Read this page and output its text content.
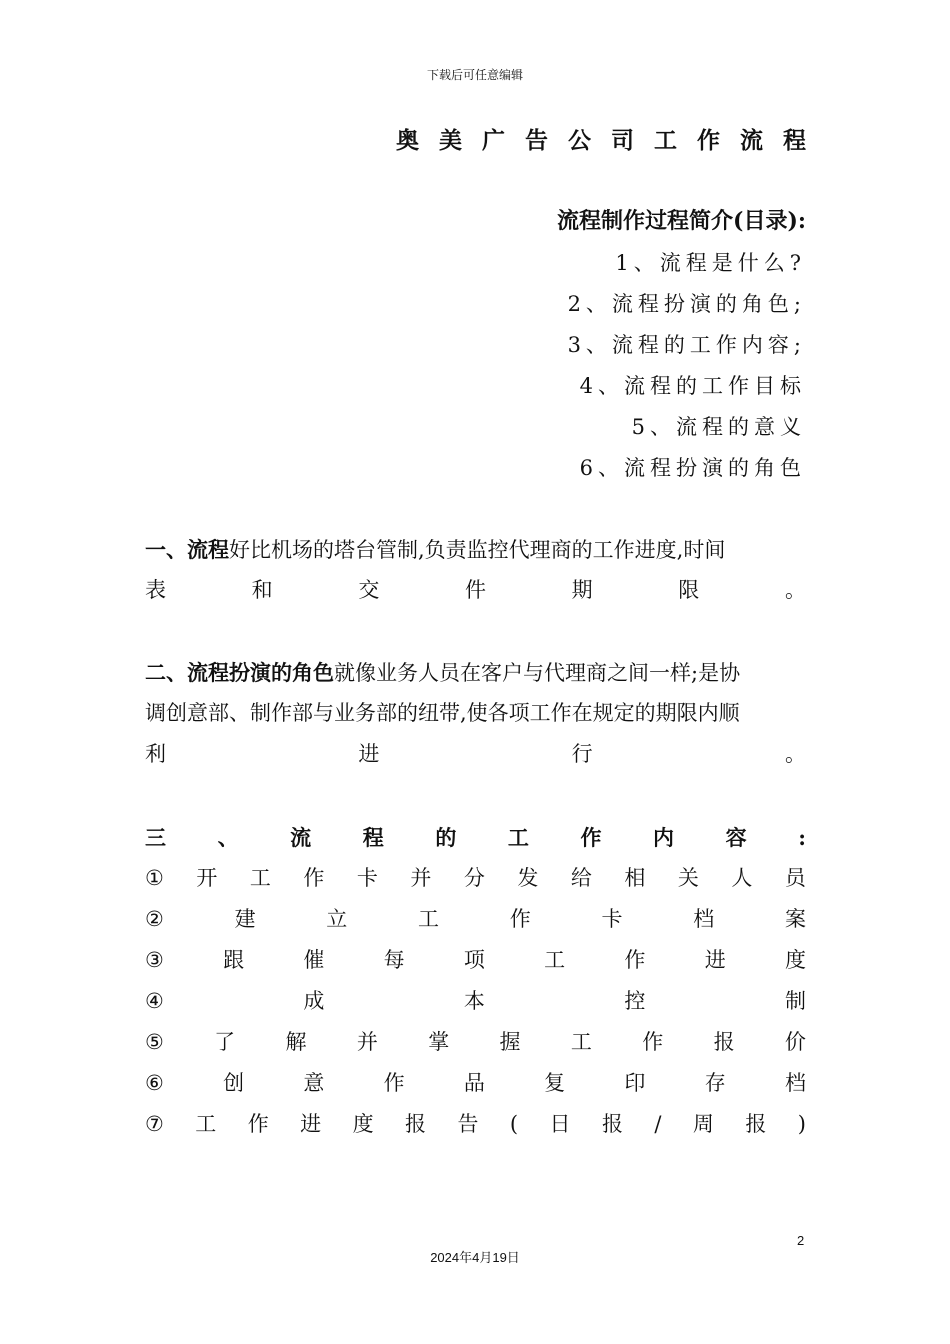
下载后可任意编辑
奥 美 广 告 公 司 工 作 流 程
流程制作过程简介(目录):
1、流程是什么?
2、流程扮演的角色;
3、流程的工作内容;
4、流程的工作目标
5、流程的意义
6、流程扮演的角色
一、流程好比机场的塔台管制,负责监控代理商的工作进度,时间
表	和	交	件	期	限	。
二、流程扮演的角色就像业务人员在客户与代理商之间一样;是协
调创意部、制作部与业务部的纽带,使各项工作在规定的期限内顺
利	进	行	。
三 、 流 程 的 工 作 内 容 :
① 开 工 作 卡 并 分 发 给 相 关 人 员
②	建	立	工	作	卡	档	案
③	跟	催	每	项	工	作	进	度
④	成	本	控	制
⑤ 了 解 并 掌 握 工 作 报 价
⑥	创	意	作	品	复	印	存	档
⑦ 工 作 进 度 报 告 ( 日 报 / 周 报 )
2
2024年4月19日
